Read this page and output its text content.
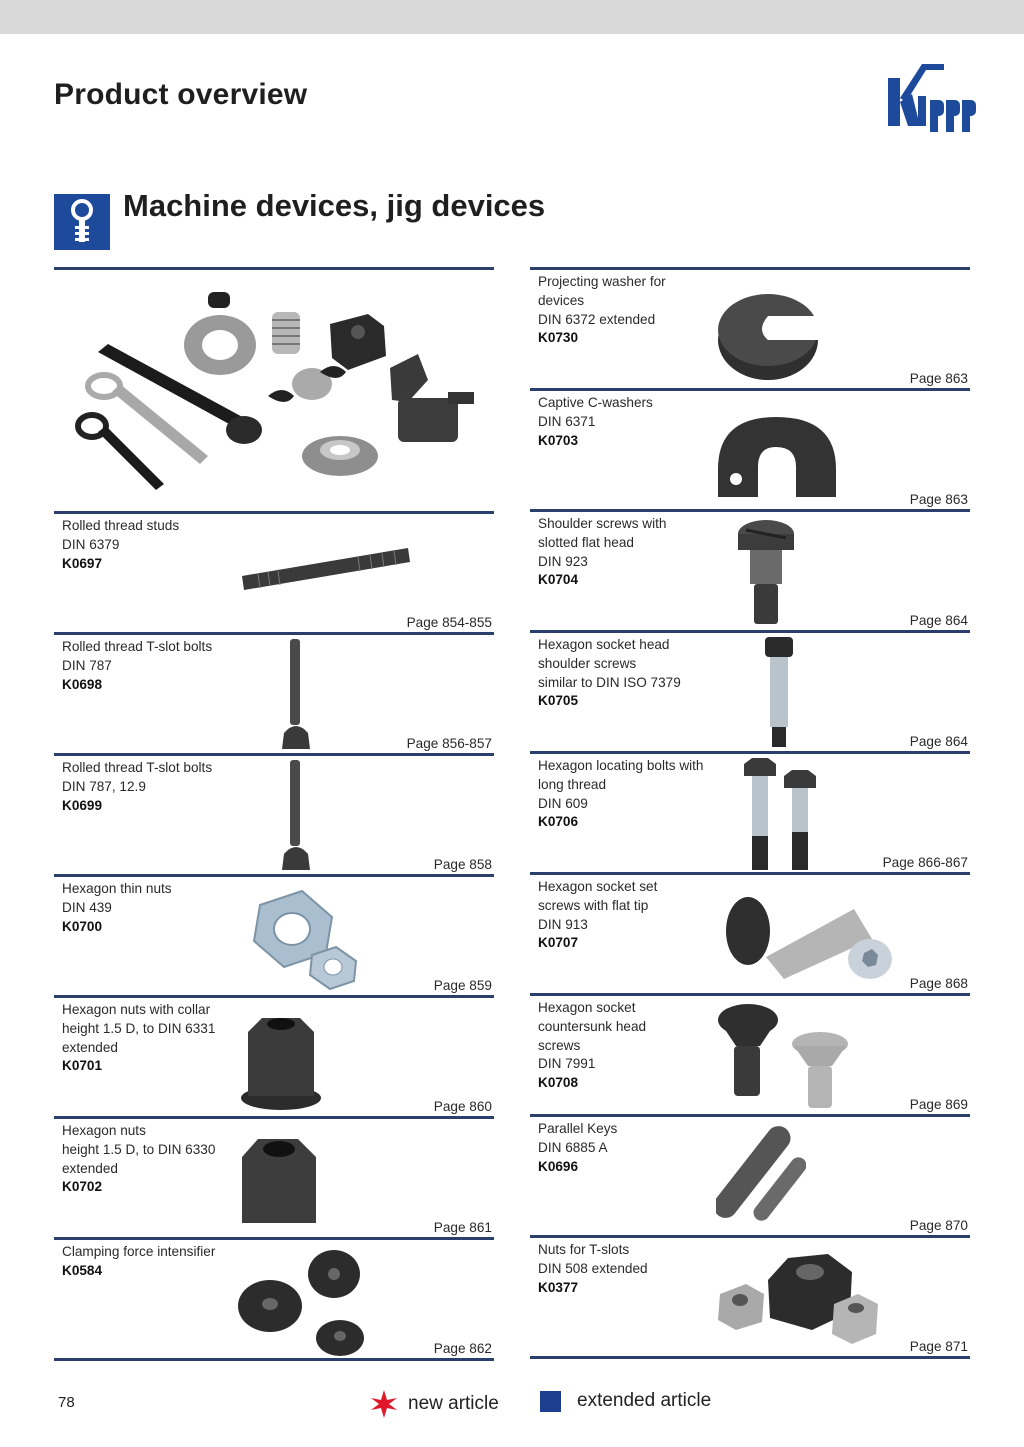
Product overview
Machine devices, jig devices
Rolled thread studs
DIN 6379
K0697
Page 854-855
Rolled thread T-slot bolts
DIN 787
K0698
Page 856-857
Rolled thread T-slot bolts
DIN 787, 12.9
K0699
Page 858
Hexagon thin nuts
DIN 439
K0700
Page 859
Hexagon nuts with collar
height 1.5 D, to DIN 6331
extended
K0701
Page 860
Hexagon nuts
height 1.5 D, to DIN 6330
extended
K0702
Page 861
Clamping force intensifier
K0584
Page 862
Projecting washer for
devices
DIN 6372 extended
K0730
Page 863
Captive C-washers
DIN 6371
K0703
Page 863
Shoulder screws with
slotted flat head
DIN 923
K0704
Page 864
Hexagon socket head
shoulder screws
similar to DIN ISO 7379
K0705
Page 864
Hexagon locating bolts with
long thread
DIN 609
K0706
Page 866-867
Hexagon socket set
screws with flat tip
DIN 913
K0707
Page 868
Hexagon socket
countersunk head
screws
DIN 7991
K0708
Page 869
Parallel Keys
DIN 6885 A
K0696
Page 870
Nuts for T-slots
DIN 508 extended
K0377
Page 871
78	new article	extended article
